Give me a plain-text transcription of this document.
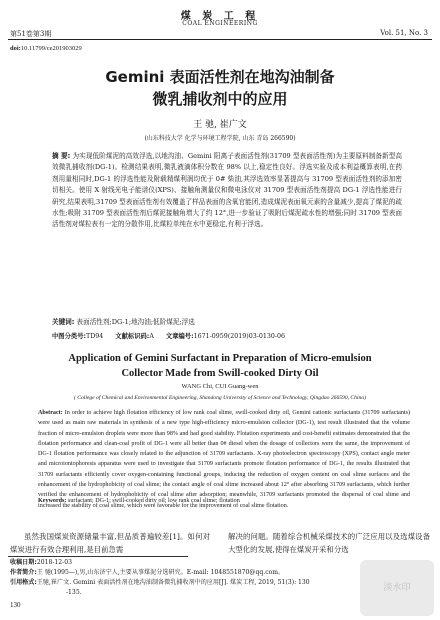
煤 炭 工 程
COAL ENGINEERING
第51卷第3期	Vol. 51, No. 3
doi:10.11799/ce201903029
Gemini 表面活性剂在地沟油制备
微乳捕收剂中的应用
王 驰, 崔广文
(山东科技大学 化学与环境工程学院, 山东 青岛 266590)
摘 要: 为实现低阶煤泥的高效浮选,以地沟油、Gemini 阳离子表面活性剂(31709 型表面活性剂)为主要原料制备新型高效微乳捕收剂(DG-1)。检测结果表明,微乳液滴体积分数在 98% 以上,稳定性良好。浮选实验及成本利益概算表明,在药剂用量相同时,DG-1 的浮选性能及附载精煤利润均优于 0# 柴油,其浮选效率显著提高与 31709 型表面活性剂的添加密切相关。使用 X 射线光电子能谱仪(XPS)、接触角测量仪和微电泳仪对 31709 型表面活性剂提高 DG-1 浮选性能进行研究,结果表明,31709 型表面活性剂有效覆盖了样品表面的含氧官能团,造成煤泥表面氧元素的含量减少,提高了煤泥的疏水性;吸附 31709 型表面活性剂后煤泥接触角增大了约 12°,进一步验证了吸附后煤泥疏水性的增强;同时 31709 型表面活性剂对煤粒表有一定的分散作用,比煤粒单纯在水中更稳定,有利于浮选。
关键词: 表面活性剂;DG-1;地沟油;低阶煤泥;浮选
中图分类号:TD94 文献标识码:A 文章编号:1671-0959(2019)03-0130-06
Application of Gemini Surfactant in Preparation of Micro-emulsion
Collector Made from Swill-cooked Dirty Oil
WANG Chi, CUI Guang-wen
( College of Chemical and Environmental Engineering, Shandong University of Science and Technology, Qingdao 266590, China)
Abstract: In order to achieve high flotation efficiency of low rank coal slime, swill-cooked dirty oil, Gemini cationic surfactants (31709 surfactants) were used as main raw materials in synthesis of a new type high-efficiency micro-emulsion collector (DG-1), test result illustrated that the volume fraction of micro-emulsion droplets were more than 98% and had good stability. Flotation experiments and cost-benefit estimates demonstrated that the flotation performance and clean-coal profit of DG-1 were all better than 0# diesel when the dosage of collectors were the same, the improvement of DG-1 flotation performance was closely related to the adjunction of 31709 surfactants. X-ray photoelectron spectroscopy (XPS), contact angle meter and microiontophoresis apparatus were used to investigate that 31709 surfactants promote flotation performance of DG-1, the results illustrated that 31709 surfactants efficiently cover oxygen-containing functional groups, inducing the reduction of oxygen content on coal slime surfaces and the enhancement of the hydrophobicity of coal slime; the contact angle of coal slime increased about 12° after absorbing 31709 surfactants, which further verified the enhancement of hydrophobicity of coal slime after adsorption; meanwhile, 31709 surfactants promoted the dispersal of coal slime and increased the stability of coal slime, which were favorable for the improvement of coal slime flotation.
Keywords: surfactant; DG-1; swill-cooked dirty oil; low rank coal slime; flotation
虽然我国煤炭资源储量丰富,但品质普遍较差[1]。如何对煤炭进行有效合理利用,是目前急需
解决的问题。随着综合机械采煤技术的广泛应用以及选煤设备大型化的发展,使得在煤炭开采和分选
收稿日期:2018-12-03
作者简介:王 驰(1995—),男,山东济宁人,主要从事煤泥分选研究。E-mail: 1048551870@qq.com。
引用格式:王驰,崔广文. Gemini 表面活性剂在地沟油制备微乳捕收剂中的应用[J]. 煤炭工程, 2019, 51(3): 130
-135.
130
淡水印
